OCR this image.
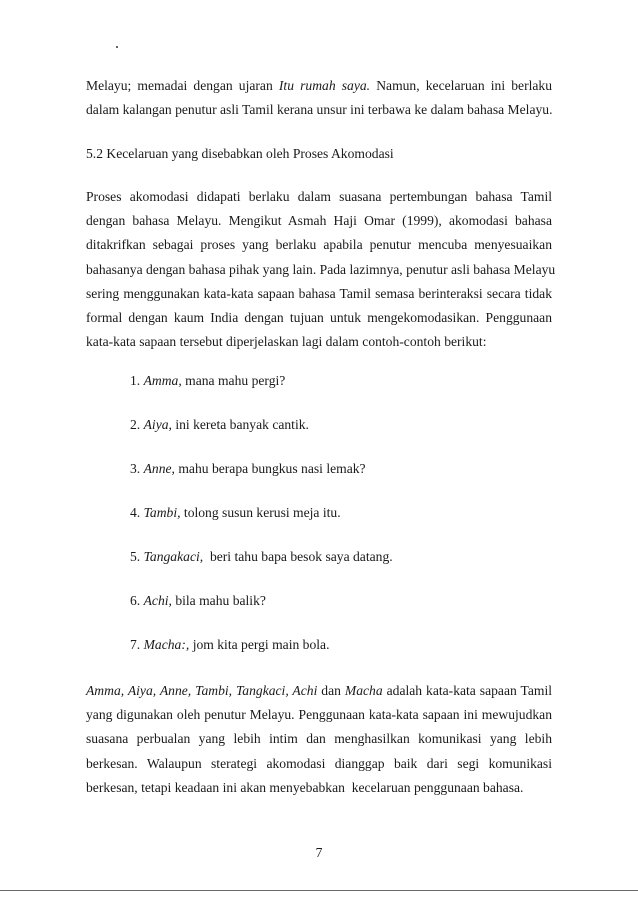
Melayu; memadai dengan ujaran Itu rumah saya. Namun, kecelaruan ini berlaku
dalam kalangan penutur asli Tamil kerana unsur ini terbawa ke dalam bahasa Melayu.

5.2 Kecelaruan yang disebabkan oleh Proses Akomodasi

Proses akomodasi didapati berlaku dalam suasana pertembungan bahasa Tamil
dengan bahasa Melayu. Mengikut Asmah Haji Omar (1999), akomodasi bahasa
ditakrifkan sebagai proses yang berlaku apabila penutur mencuba menyesuaikan
bahasanya dengan bahasa pihak yang lain. Pada lazimnya, penutur asli bahasa Melayu
sering menggunakan kata-kata sapaan bahasa Tamil semasa berinteraksi secara tidak
formal dengan kaum India dengan tujuan untuk mengekomodasikan. Penggunaan
kata-kata sapaan tersebut diperjelaskan lagi dalam contoh-contoh berikut:

1. Amma, mana mahu pergi?
2. Aiya, ini kereta banyak cantik.
3. Anne, mahu berapa bungkus nasi lemak?
4. Tambi, tolong susun kerusi meja itu.
5. Tangakaci,  beri tahu bapa besok saya datang.
6. Achi, bila mahu balik?
7. Macha:, jom kita pergi main bola.

Amma, Aiya, Anne, Tambi, Tangkaci, Achi dan Macha adalah kata-kata sapaan Tamil
yang digunakan oleh penutur Melayu. Penggunaan kata-kata sapaan ini mewujudkan
suasana perbualan yang lebih intim dan menghasilkan komunikasi yang lebih
berkesan. Walaupun sterategi akomodasi dianggap baik dari segi komunikasi
berkesan, tetapi keadaan ini akan menyebabkan  kecelaruan penggunaan bahasa.

7
